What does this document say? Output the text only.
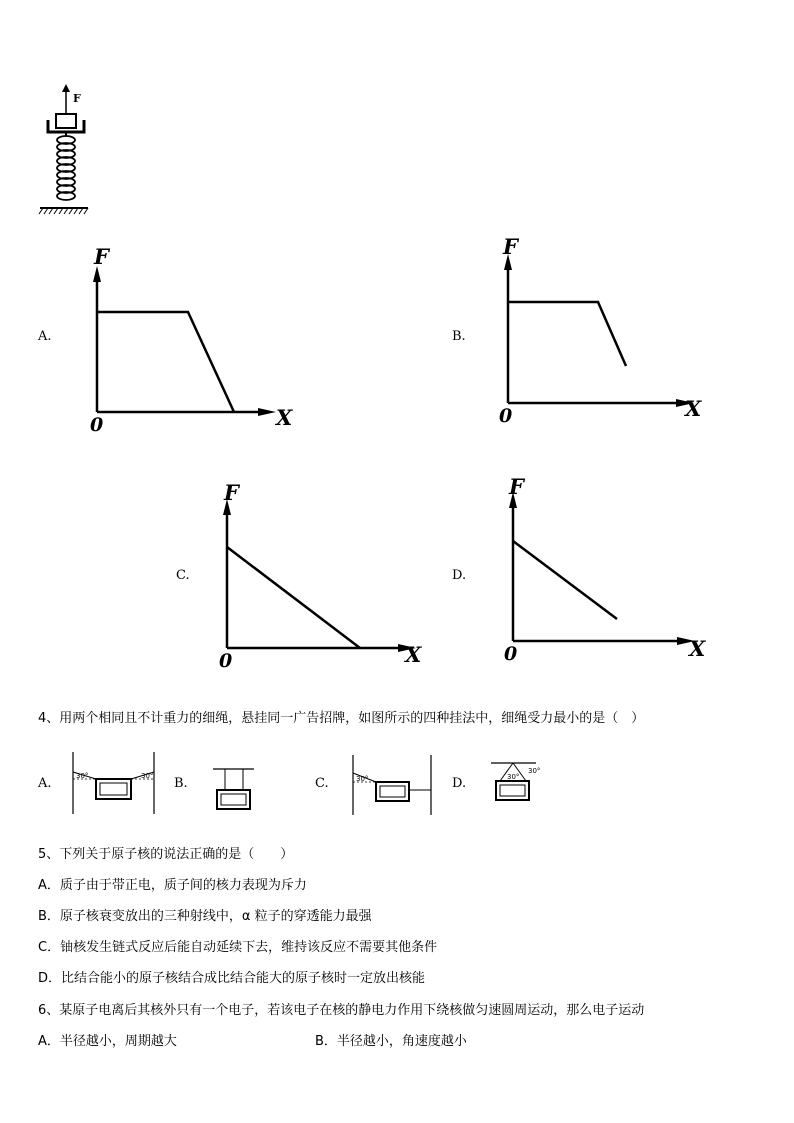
F
A.
F
X
0
B.
F
X
0
C.
F
X
0
D.
F
X
0
4、用两个相同且不计重力的细绳，悬挂同一广告招牌，如图所示的四种挂法中，细绳受力最小的是（　）
A.	30°	30° B.	C.	30°	D.	30°
30°
5、下列关于原子核的说法正确的是（　　）
A．质子由于带正电，质子间的核力表现为斥力
B．原子核衰变放出的三种射线中，α 粒子的穿透能力最强
C．铀核发生链式反应后能自动延续下去，维持该反应不需要其他条件
D．比结合能小的原子核结合成比结合能大的原子核时一定放出核能
6、某原子电离后其核外只有一个电子，若该电子在核的静电力作用下绕核做匀速圆周运动，那么电子运动
A．半径越小，周期越大	B．半径越小，角速度越小
